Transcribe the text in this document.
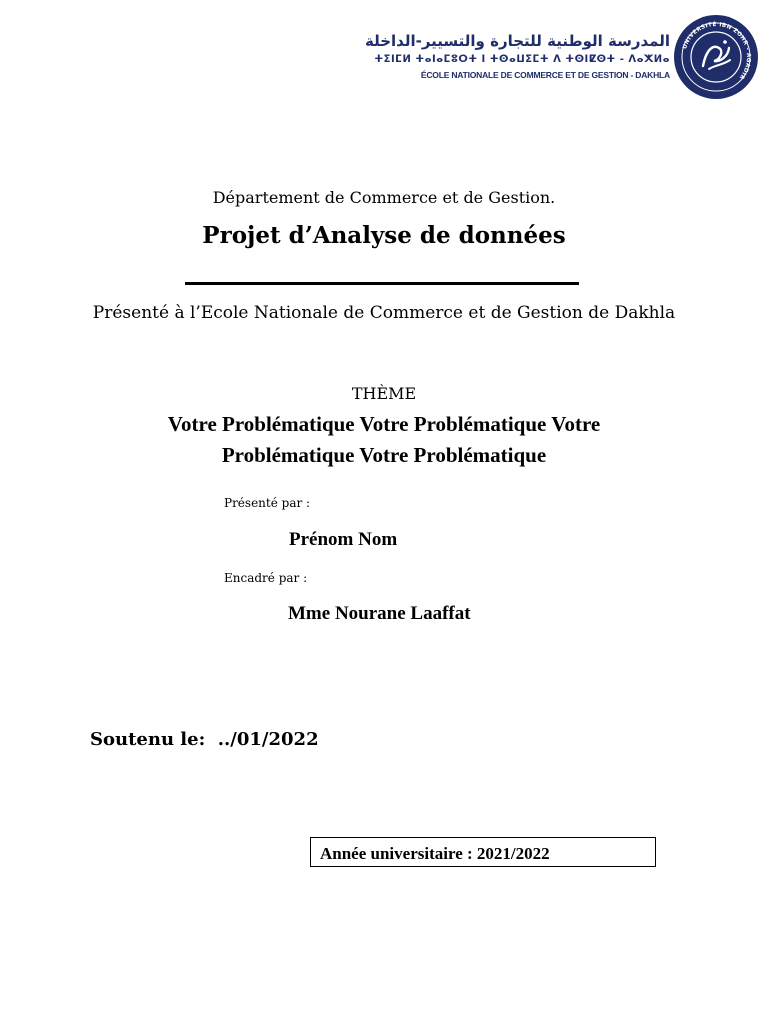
المدرسة الوطنية للتجارة والتسيير-الداخلة
ⵜⵉⵏⵎⵍ ⵜⴰⵏⴰⵎⵓⵔⵜ ⵏ ⵜⵙⴰⵡⵉⵎⵜ ⴷ ⵜⵙⵏⵇⵙⵜ - ⴷⴰⵅⵍⴰ
ÉCOLE NATIONALE DE COMMERCE ET DE GESTION - DAKHLA
UNIVERSITÉ IBN ZOHR - AGADIR
Département de Commerce et de Gestion.
Projet d’Analyse de données
Présenté à l’Ecole Nationale de Commerce et de Gestion de Dakhla
THÈME
Votre Problématique Votre Problématique Votre
Problématique Votre Problématique
Présenté par :
Prénom Nom
Encadré par :
Mme Nourane Laaffat
Soutenu le:  ../01/2022
Année universitaire : 2021/2022
